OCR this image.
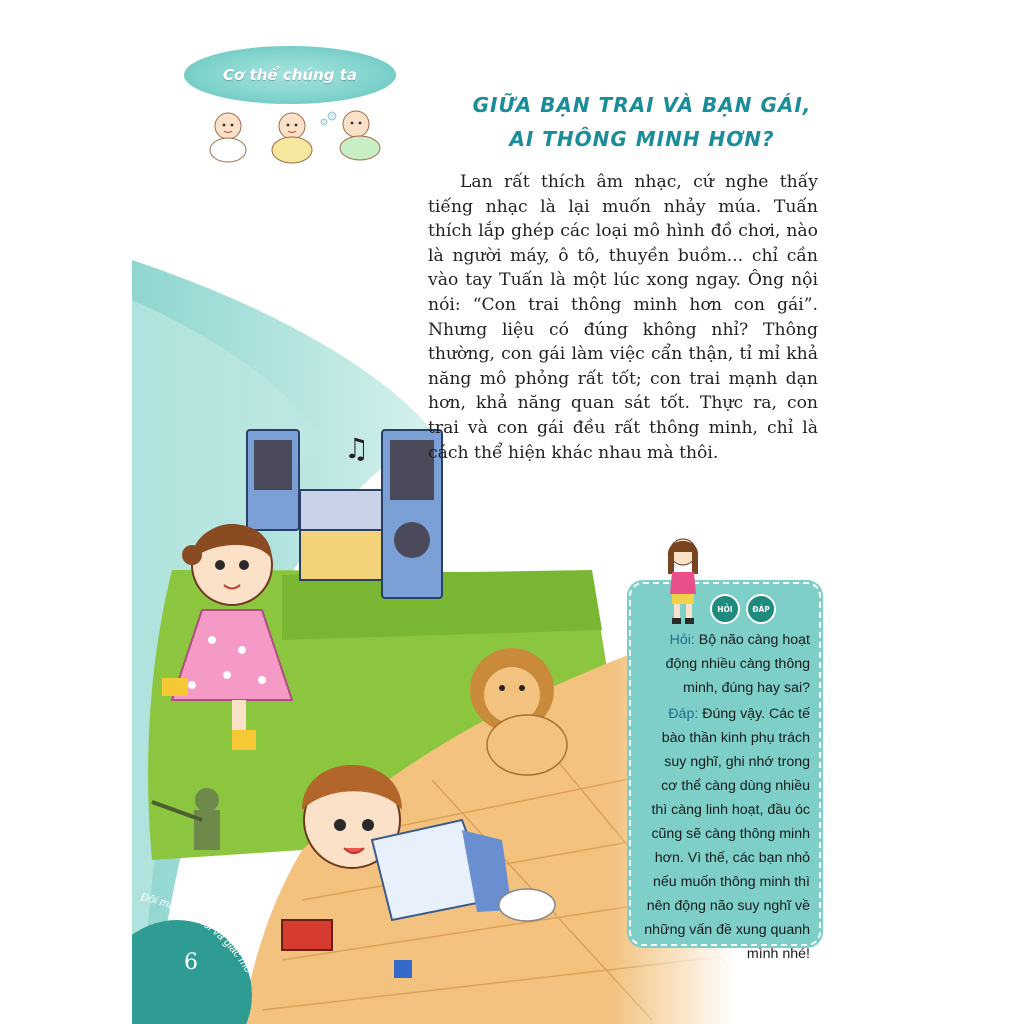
Cơ thể chúng ta
GIỮA BẠN TRAI VÀ BẠN GÁI,
AI THÔNG MINH HƠN?

Lan rất thích âm nhạc, cứ nghe thấy tiếng nhạc là lại muốn nhảy múa. Tuấn thích lắp ghép các loại mô hình đồ chơi, nào là người máy, ô tô, thuyền buồm... chỉ cần vào tay Tuấn là một lúc xong ngay. Ông nội nói: “Con trai thông minh hơn con gái”. Nhưng liệu có đúng không nhỉ? Thông thường, con gái làm việc cẩn thận, tỉ mỉ khả năng mô phỏng rất tốt; con trai mạnh dạn hơn, khả năng quan sát tốt. Thực ra, con trai và con gái đều rất thông minh, chỉ là cách thể hiện khác nhau mà thôi.

HỎI	ĐÁP

Hỏi: Bộ não càng hoạt động nhiều càng thông minh, đúng hay sai?

Đáp: Đúng vậy. Các tế bào thần kinh phụ trách suy nghĩ, ghi nhớ trong cơ thể càng dùng nhiều thì càng linh hoạt, đầu óc cũng sẽ càng thông minh hơn. Vì thế, các bạn nhỏ nếu muốn thông minh thì nên động não suy nghĩ về những vấn đề xung quanh mình nhé!

6
Đôi mắt, mồ hôi và giấc mơ
